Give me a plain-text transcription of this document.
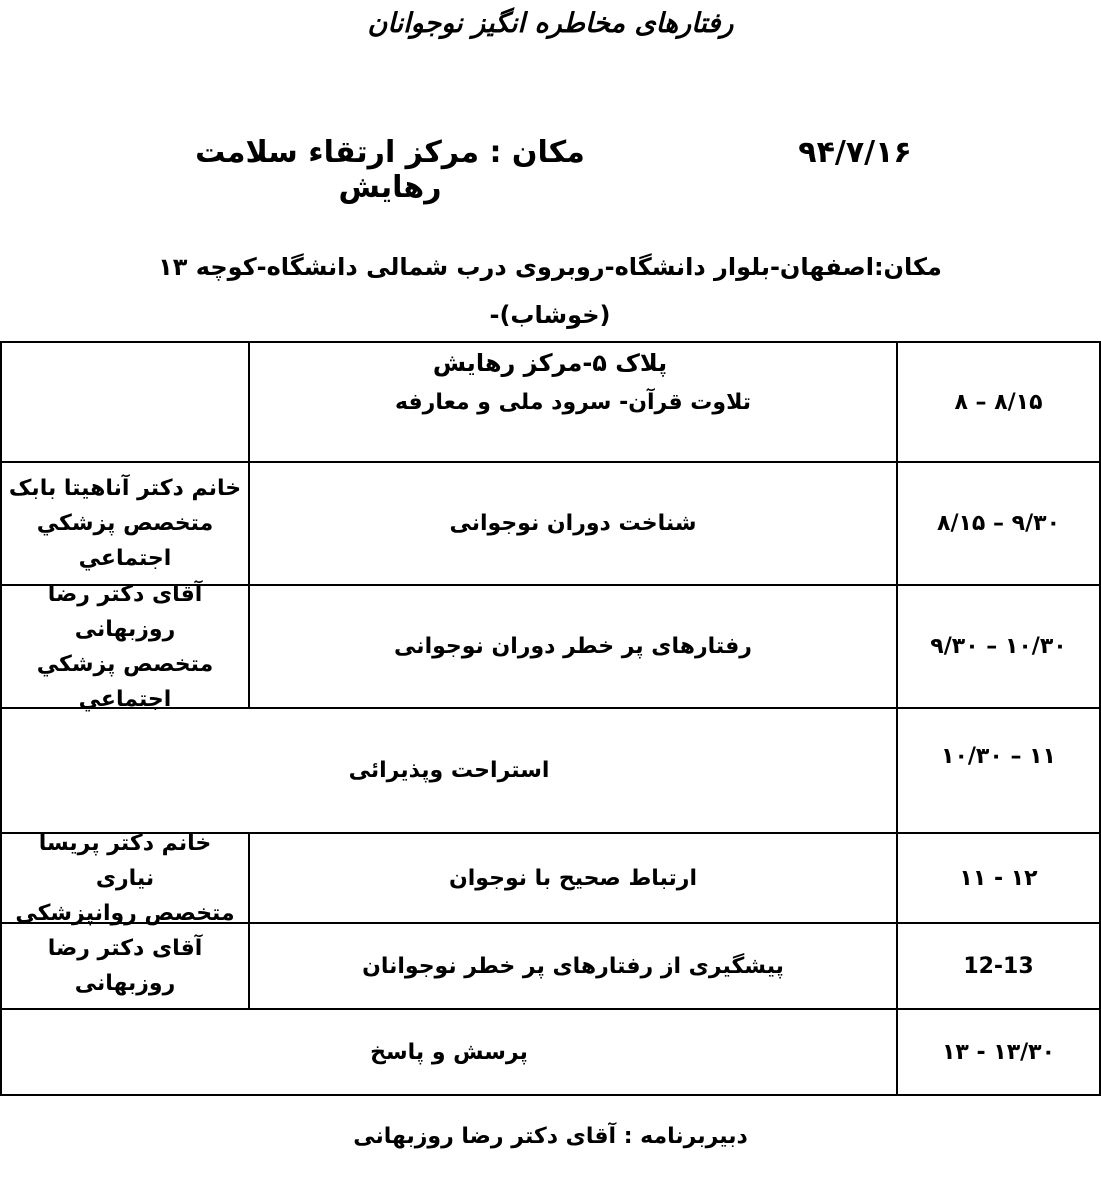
رفتارهای مخاطره انگیز نوجوانان
۹۴/۷/۱۶
مکان : مرکز ارتقاء سلامت رهایش
مکان:اصفهان-بلوار دانشگاه-روبروی درب شمالی دانشگاه-کوچه ۱۳ (خوشاب)-
پلاک ۵-مرکز رهایش
۸/۱۵ – ۸
تلاوت قرآن- سرود ملی و معارفه
۹/۳۰ – ۸/۱۵
شناخت دوران نوجوانی
خانم دکتر آناهیتا بابک
متخصص پزشکي
اجتماعي
۱۰/۳۰ – ۹/۳۰
رفتارهای پر خطر دوران نوجوانی
آقای دکتر رضا روزبهانی
متخصص پزشکي
اجتماعي
۱۱ – ۱۰/۳۰
استراحت وپذیرائی
۱۲ - ۱۱
ارتباط صحیح با نوجوان
خانم دکتر پریسا نیاری
متخصص روانپزشکی
12-13
پیشگیری از رفتارهای پر خطر نوجوانان
آقای دکتر رضا روزبهانی
۱۳/۳۰ - ۱۳
پرسش و پاسخ
دبیربرنامه : آقای دکتر رضا روزبهانی
